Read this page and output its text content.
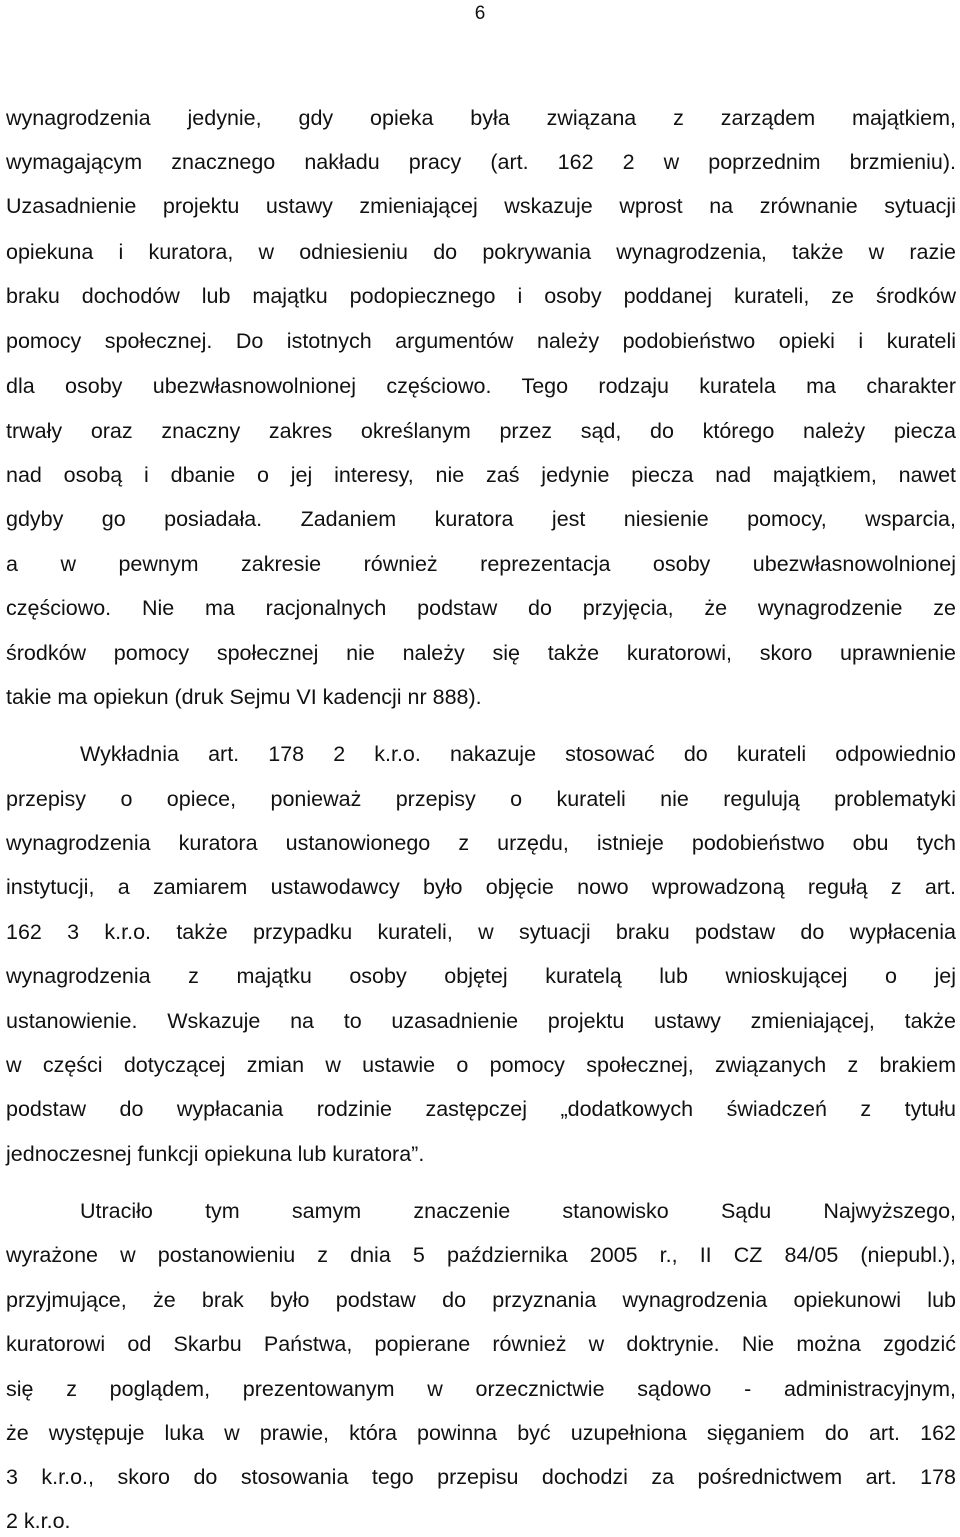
6
wynagrodzenia jedynie, gdy opieka była związana z zarządem majątkiem,
wymagającym znacznego nakładu pracy (art. 162 2 w poprzednim brzmieniu).
Uzasadnienie projektu ustawy zmieniającej wskazuje wprost na zrównanie sytuacji
opiekuna i kuratora, w odniesieniu do pokrywania wynagrodzenia, także w razie
braku dochodów lub majątku podopiecznego i osoby poddanej kurateli, ze środków
pomocy społecznej. Do istotnych argumentów należy podobieństwo opieki i kurateli
dla osoby ubezwłasnowolnionej częściowo. Tego rodzaju kuratela ma charakter
trwały oraz znaczny zakres określanym przez sąd, do którego należy piecza
nad osobą i dbanie o jej interesy, nie zaś jedynie piecza nad majątkiem, nawet
gdyby go posiadała. Zadaniem kuratora jest niesienie pomocy, wsparcia,
a w pewnym zakresie również reprezentacja osoby ubezwłasnowolnionej
częściowo. Nie ma racjonalnych podstaw do przyjęcia, że wynagrodzenie ze
środków pomocy społecznej nie należy się także kuratorowi, skoro uprawnienie
takie ma opiekun (druk Sejmu VI kadencji nr 888).
Wykładnia art. 178 2 k.r.o. nakazuje stosować do kurateli odpowiednio
przepisy o opiece, ponieważ przepisy o kurateli nie regulują problematyki
wynagrodzenia kuratora ustanowionego z urzędu, istnieje podobieństwo obu tych
instytucji, a zamiarem ustawodawcy było objęcie nowo wprowadzoną regułą z art.
162 3 k.r.o. także przypadku kurateli, w sytuacji braku podstaw do wypłacenia
wynagrodzenia z majątku osoby objętej kuratelą lub wnioskującej o jej
ustanowienie. Wskazuje na to uzasadnienie projektu ustawy zmieniającej, także
w części dotyczącej zmian w ustawie o pomocy społecznej, związanych z brakiem
podstaw do wypłacania rodzinie zastępczej „dodatkowych świadczeń z tytułu
jednoczesnej funkcji opiekuna lub kuratora”.
Utraciło tym samym znaczenie stanowisko Sądu Najwyższego,
wyrażone w postanowieniu z dnia 5 października 2005 r., II CZ 84/05 (niepubl.),
przyjmujące, że brak było podstaw do przyznania wynagrodzenia opiekunowi lub
kuratorowi od Skarbu Państwa, popierane również w doktrynie. Nie można zgodzić
się z poglądem, prezentowanym w orzecznictwie sądowo - administracyjnym,
że występuje luka w prawie, która powinna być uzupełniona sięganiem do art. 162
3 k.r.o., skoro do stosowania tego przepisu dochodzi za pośrednictwem art. 178
2 k.r.o.
